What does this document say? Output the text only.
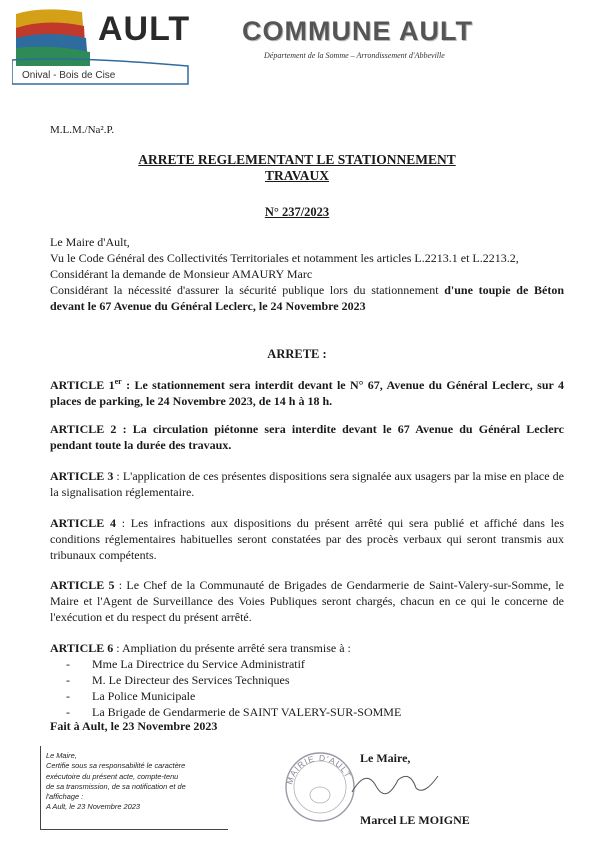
AULT
Onival - Bois de Cise
COMMUNE AULT
Département de la Somme – Arrondissement d'Abbeville
M.L.M./Na².P.
ARRETE REGLEMENTANT LE STATIONNEMENT
TRAVAUX
N° 237/2023
Le Maire d'Ault,
Vu le Code Général des Collectivités Territoriales et notamment les articles L.2213.1 et L.2213.2,
Considérant la demande de Monsieur AMAURY Marc
Considérant la nécessité d'assurer la sécurité publique lors du stationnement d'une toupie de Béton devant le 67 Avenue du Général Leclerc, le 24 Novembre 2023
ARRETE :
ARTICLE 1er : Le stationnement sera interdit devant le N° 67, Avenue du Général Leclerc, sur 4 places de parking, le 24 Novembre 2023, de 14 h à 18 h.
ARTICLE 2 : La circulation piétonne sera interdite devant le 67 Avenue du Général Leclerc pendant toute la durée des travaux.
ARTICLE 3 : L'application de ces présentes dispositions sera signalée aux usagers par la mise en place de la signalisation réglementaire.
ARTICLE 4 : Les infractions aux dispositions du présent arrêté qui sera publié et affiché dans les conditions réglementaires habituelles seront constatées par des procès verbaux qui seront transmis aux tribunaux compétents.
ARTICLE 5 : Le Chef de la Communauté de Brigades de Gendarmerie de Saint-Valery-sur-Somme, le Maire et l'Agent de Surveillance des Voies Publiques seront chargés, chacun en ce qui le concerne de l'exécution et du respect du présent arrêté.
ARTICLE 6 : Ampliation du présente arrêté sera transmise à :
- Mme La Directrice du Service Administratif
- M. Le Directeur des Services Techniques
- La Police Municipale
- La Brigade de Gendarmerie de SAINT VALERY-SUR-SOMME
Fait à Ault, le 23 Novembre 2023
Le Maire,
Certifie sous sa responsabilité le caractère
exécutoire du présent acte, compte-tenu
de sa transmission, de sa notification et de
l'affichage :
A Ault, le 23 Novembre 2023
MAIRIE D'AULT
Le Maire,
Marcel LE MOIGNE
